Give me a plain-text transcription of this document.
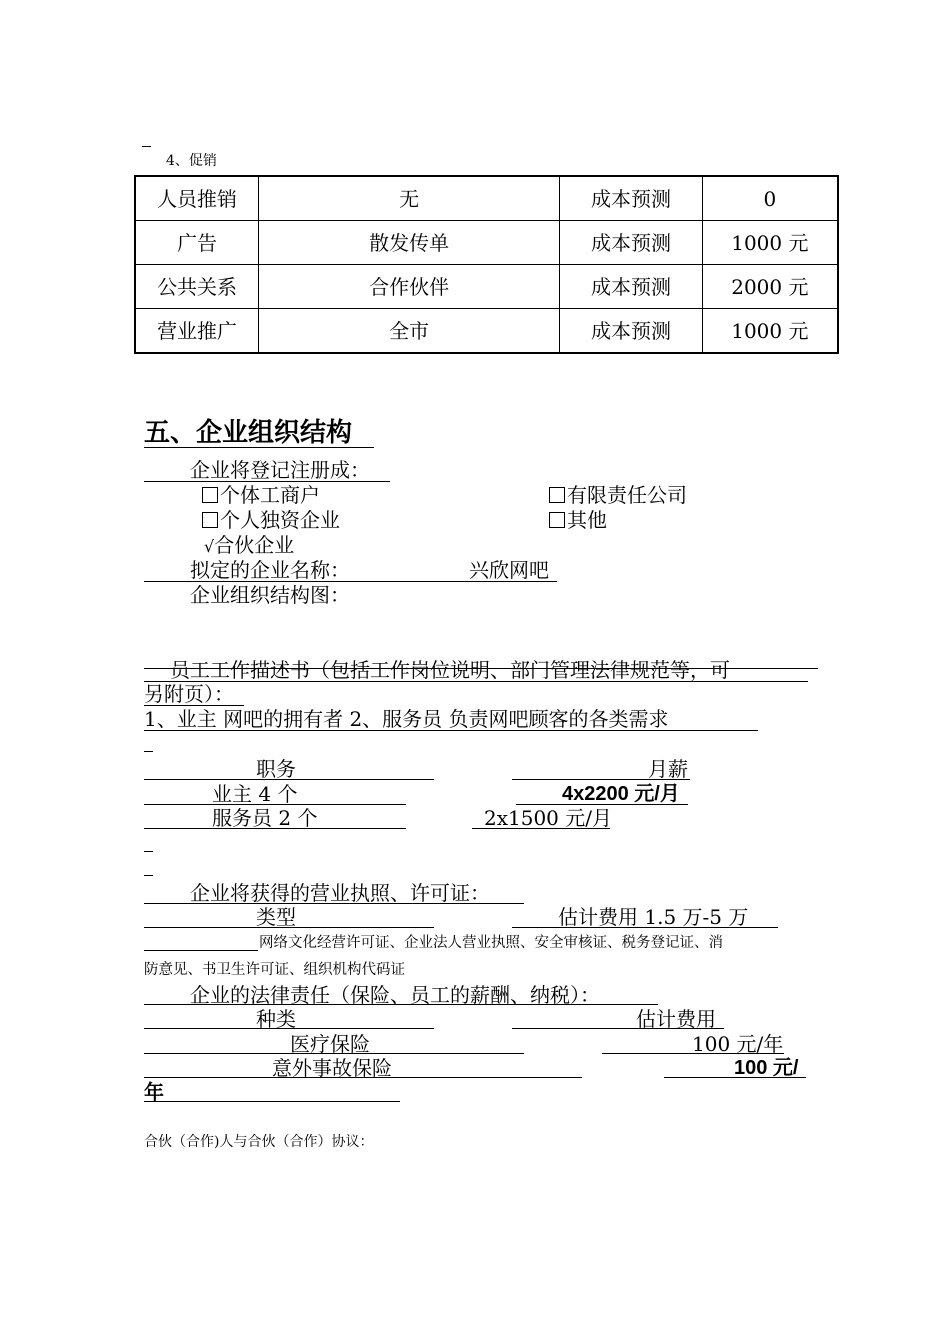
4、促销
人员推销	无	成本预测	0
广告	散发传单	成本预测	1000 元
公共关系	合作伙伴	成本预测	2000 元
营业推广	全市	成本预测	1000 元
五、企业组织结构
企业将登记注册成：
个体工商户	有限责任公司
个人独资企业	其他
√合伙企业
拟定的企业名称：	兴欣网吧
企业组织结构图：
员工工作描述书（包括工作岗位说明、部门管理法律规范等，可
另附页）：
1、业主 网吧的拥有者 2、服务员 负责网吧顾客的各类需求
职务	月薪
业主 4 个	4x2200 元/月
服务员 2 个	2x1500 元/月
企业将获得的营业执照、许可证：
类型	估计费用 1.5 万-5 万
网络文化经营许可证、企业法人营业执照、安全审核证、税务登记证、消
防意见、书卫生许可证、组织机构代码证
企业的法律责任（保险、员工的薪酬、纳税）：
种类	估计费用
医疗保险	100 元/年
意外事故保险	100 元/
年
合伙（合作)人与合伙（合作）协议：
